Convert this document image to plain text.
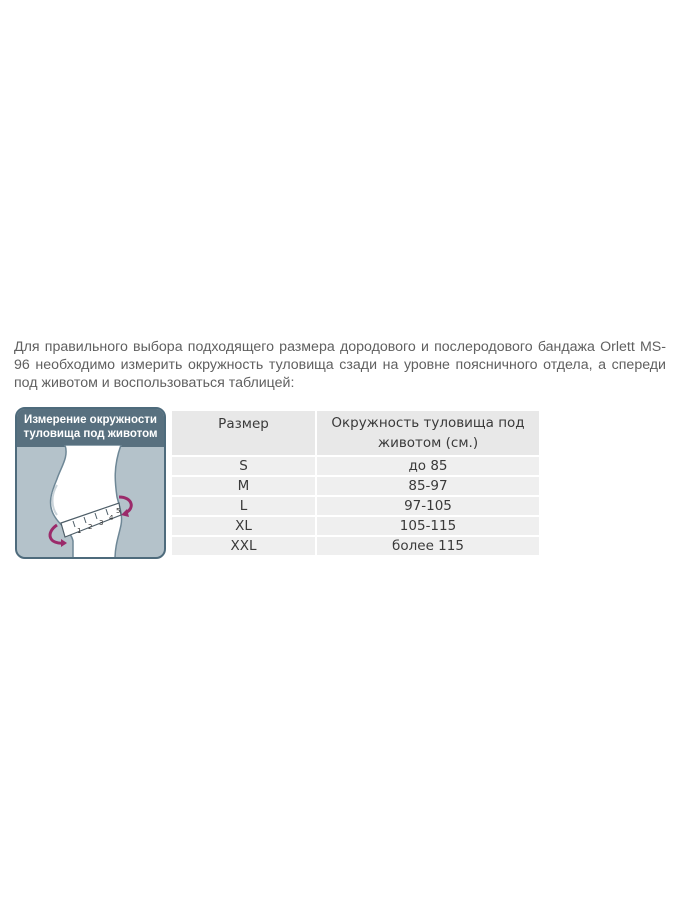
Для правильного выбора подходящего размера дородового и послеродового бандажа Orlett MS-96 необходимо измерить окружность туловища сзади на уровне поясничного отдела, а спереди под животом и воспользоваться таблицей:

Измерение окружности
туловища под животом
1 2 3
4
5
Размер	Окружность туловища под животом (см.)
S	до 85
M	85-97
L	97-105
XL	105-115
XXL	более 115
